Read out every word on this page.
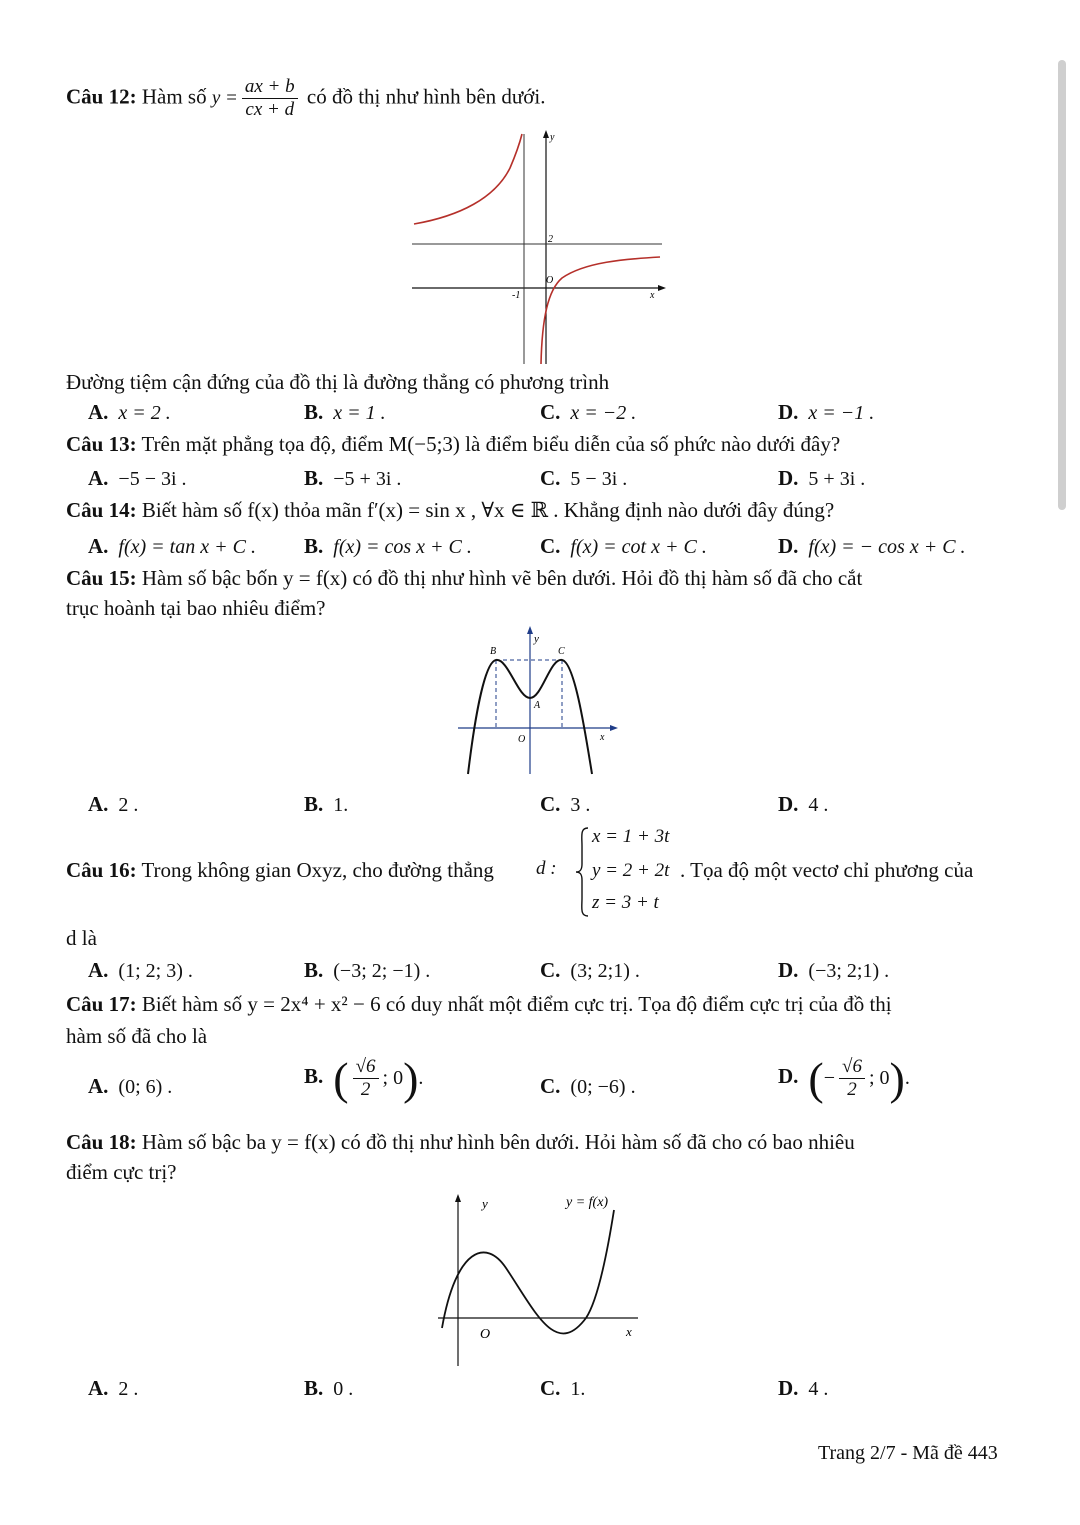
Câu 12: Hàm số $y = \frac{ax + b}{cx + d}$ có đồ thị như hình bên dưới.
y
2
O
-1	x
Đường tiệm cận đứng của đồ thị là đường thẳng có phương trình
A. x = 2 .	B. x = 1 .	C. x = −2 .	D. x = −1 .
Câu 13: Trên mặt phẳng tọa độ, điểm M(−5;3) là điểm biểu diễn của số phức nào dưới đây?
A. −5 − 3i .	B. −5 + 3i .	C. 5 − 3i .	D. 5 + 3i .
Câu 14: Biết hàm số f(x) thỏa mãn f′(x) = sin x , ∀x ∈ ℝ . Khẳng định nào dưới đây đúng?
A. f(x) = tan x + C . B. f(x) = cos x + C .	C. f(x) = cot x + C .	D. f(x) = − cos x + C .
Câu 15: Hàm số bậc bốn y = f(x) có đồ thị như hình vẽ bên dưới. Hỏi đồ thị hàm số đã cho cắt
trục hoành tại bao nhiêu điểm?
B	C
A
y
O	x
A. 2 .	B. 1.	C. 3 .	D. 4 .
Câu 16: Trong không gian Oxyz, cho đường thẳng d :
x = 1 + 3t
y = 2 + 2t
z = 3 + t
. Tọa độ một vectơ chỉ phương của
d là
A. (1; 2; 3) .	B. (−3; 2; −1) .	C. (3; 2;1) .	D. (−3; 2;1) .
Câu 17: Biết hàm số y = 2x⁴ + x² − 6 có duy nhất một điểm cực trị. Tọa độ điểm cực trị của đồ thị
hàm số đã cho là
A. (0; 6) .	B. ( $\frac{√6}{2}$ ; 0).	C. (0; −6) .	D. (− $\frac{√6}{2}$ ; 0).
Câu 18: Hàm số bậc ba y = f(x) có đồ thị như hình bên dưới. Hỏi hàm số đã cho có bao nhiêu
điểm cực trị?
y	y = f(x)
O	x
A. 2 .	B. 0 .	C. 1.	D. 4 .
Trang 2/7 - Mã đề 443
